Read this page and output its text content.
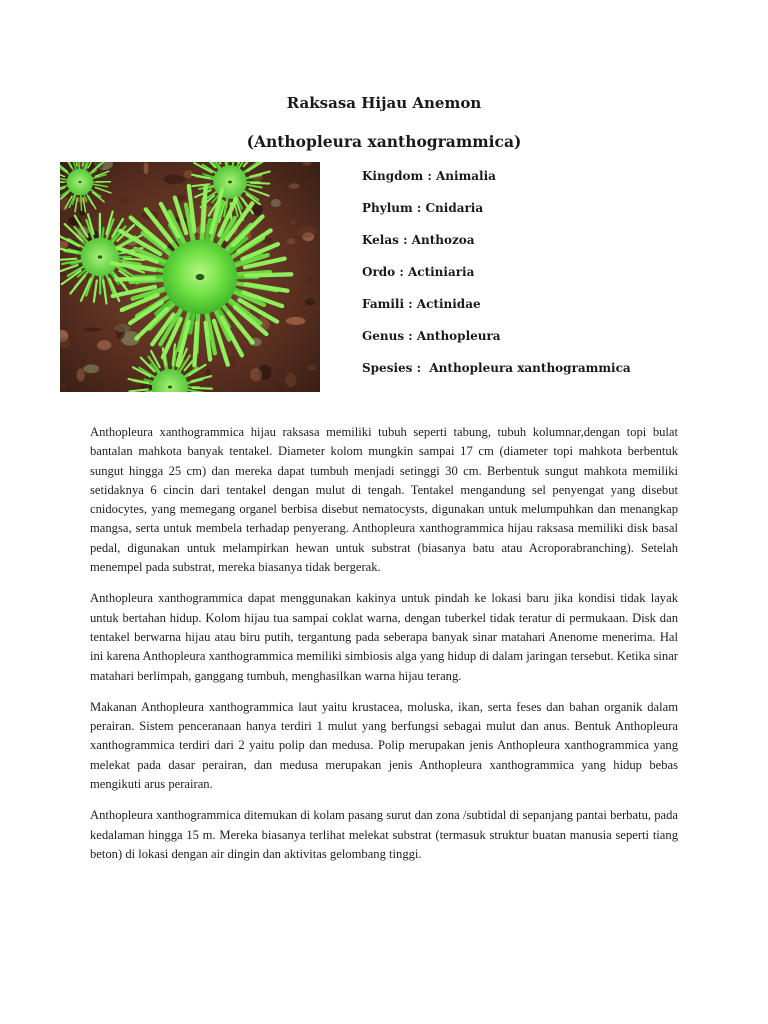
Raksasa Hijau Anemon
(Anthopleura xanthogrammica)
Kingdom : Animalia
Phylum : Cnidaria
Kelas : Anthozoa
Ordo : Actiniaria
Famili : Actinidae
Genus : Anthopleura
Spesies :  Anthopleura xanthogrammica

Anthopleura xanthogrammica hijau raksasa memiliki tubuh seperti tabung, tubuh kolumnar,dengan topi bulat bantalan mahkota banyak tentakel. Diameter kolom mungkin sampai 17 cm (diameter topi mahkota berbentuk sungut hingga 25 cm) dan mereka dapat tumbuh menjadi setinggi 30 cm. Berbentuk sungut mahkota memiliki setidaknya 6 cincin dari tentakel dengan mulut di tengah. Tentakel mengandung sel penyengat yang disebut cnidocytes, yang memegang organel berbisa disebut nematocysts, digunakan untuk melumpuhkan dan menangkap mangsa, serta untuk membela terhadap penyerang. Anthopleura xanthogrammica hijau raksasa memiliki disk basal pedal, digunakan untuk melampirkan hewan untuk substrat (biasanya batu atau Acroporabranching). Setelah menempel pada substrat, mereka biasanya tidak bergerak.

Anthopleura xanthogrammica dapat menggunakan kakinya untuk pindah ke lokasi baru jika kondisi tidak layak untuk bertahan hidup. Kolom hijau tua sampai coklat warna, dengan tuberkel tidak teratur di permukaan. Disk dan tentakel berwarna hijau atau biru putih, tergantung pada seberapa banyak sinar matahari Anenome menerima. Hal ini karena Anthopleura xanthogrammica memiliki simbiosis alga yang hidup di dalam jaringan tersebut. Ketika sinar matahari berlimpah, ganggang tumbuh, menghasilkan warna hijau terang.

Makanan Anthopleura xanthogrammica laut yaitu krustacea, moluska, ikan, serta feses dan bahan organik dalam perairan. Sistem penceranaan hanya terdiri 1 mulut yang berfungsi sebagai mulut dan anus. Bentuk Anthopleura xanthogrammica terdiri dari 2 yaitu polip dan medusa. Polip merupakan jenis Anthopleura xanthogrammica yang melekat pada dasar perairan, dan medusa merupakan jenis Anthopleura xanthogrammica yang hidup bebas mengikuti arus perairan.

Anthopleura xanthogrammica ditemukan di kolam pasang surut dan zona /subtidal di sepanjang pantai berbatu, pada kedalaman hingga 15 m. Mereka biasanya terlihat melekat substrat (termasuk struktur buatan manusia seperti tiang beton) di lokasi dengan air dingin dan aktivitas gelombang tinggi.
